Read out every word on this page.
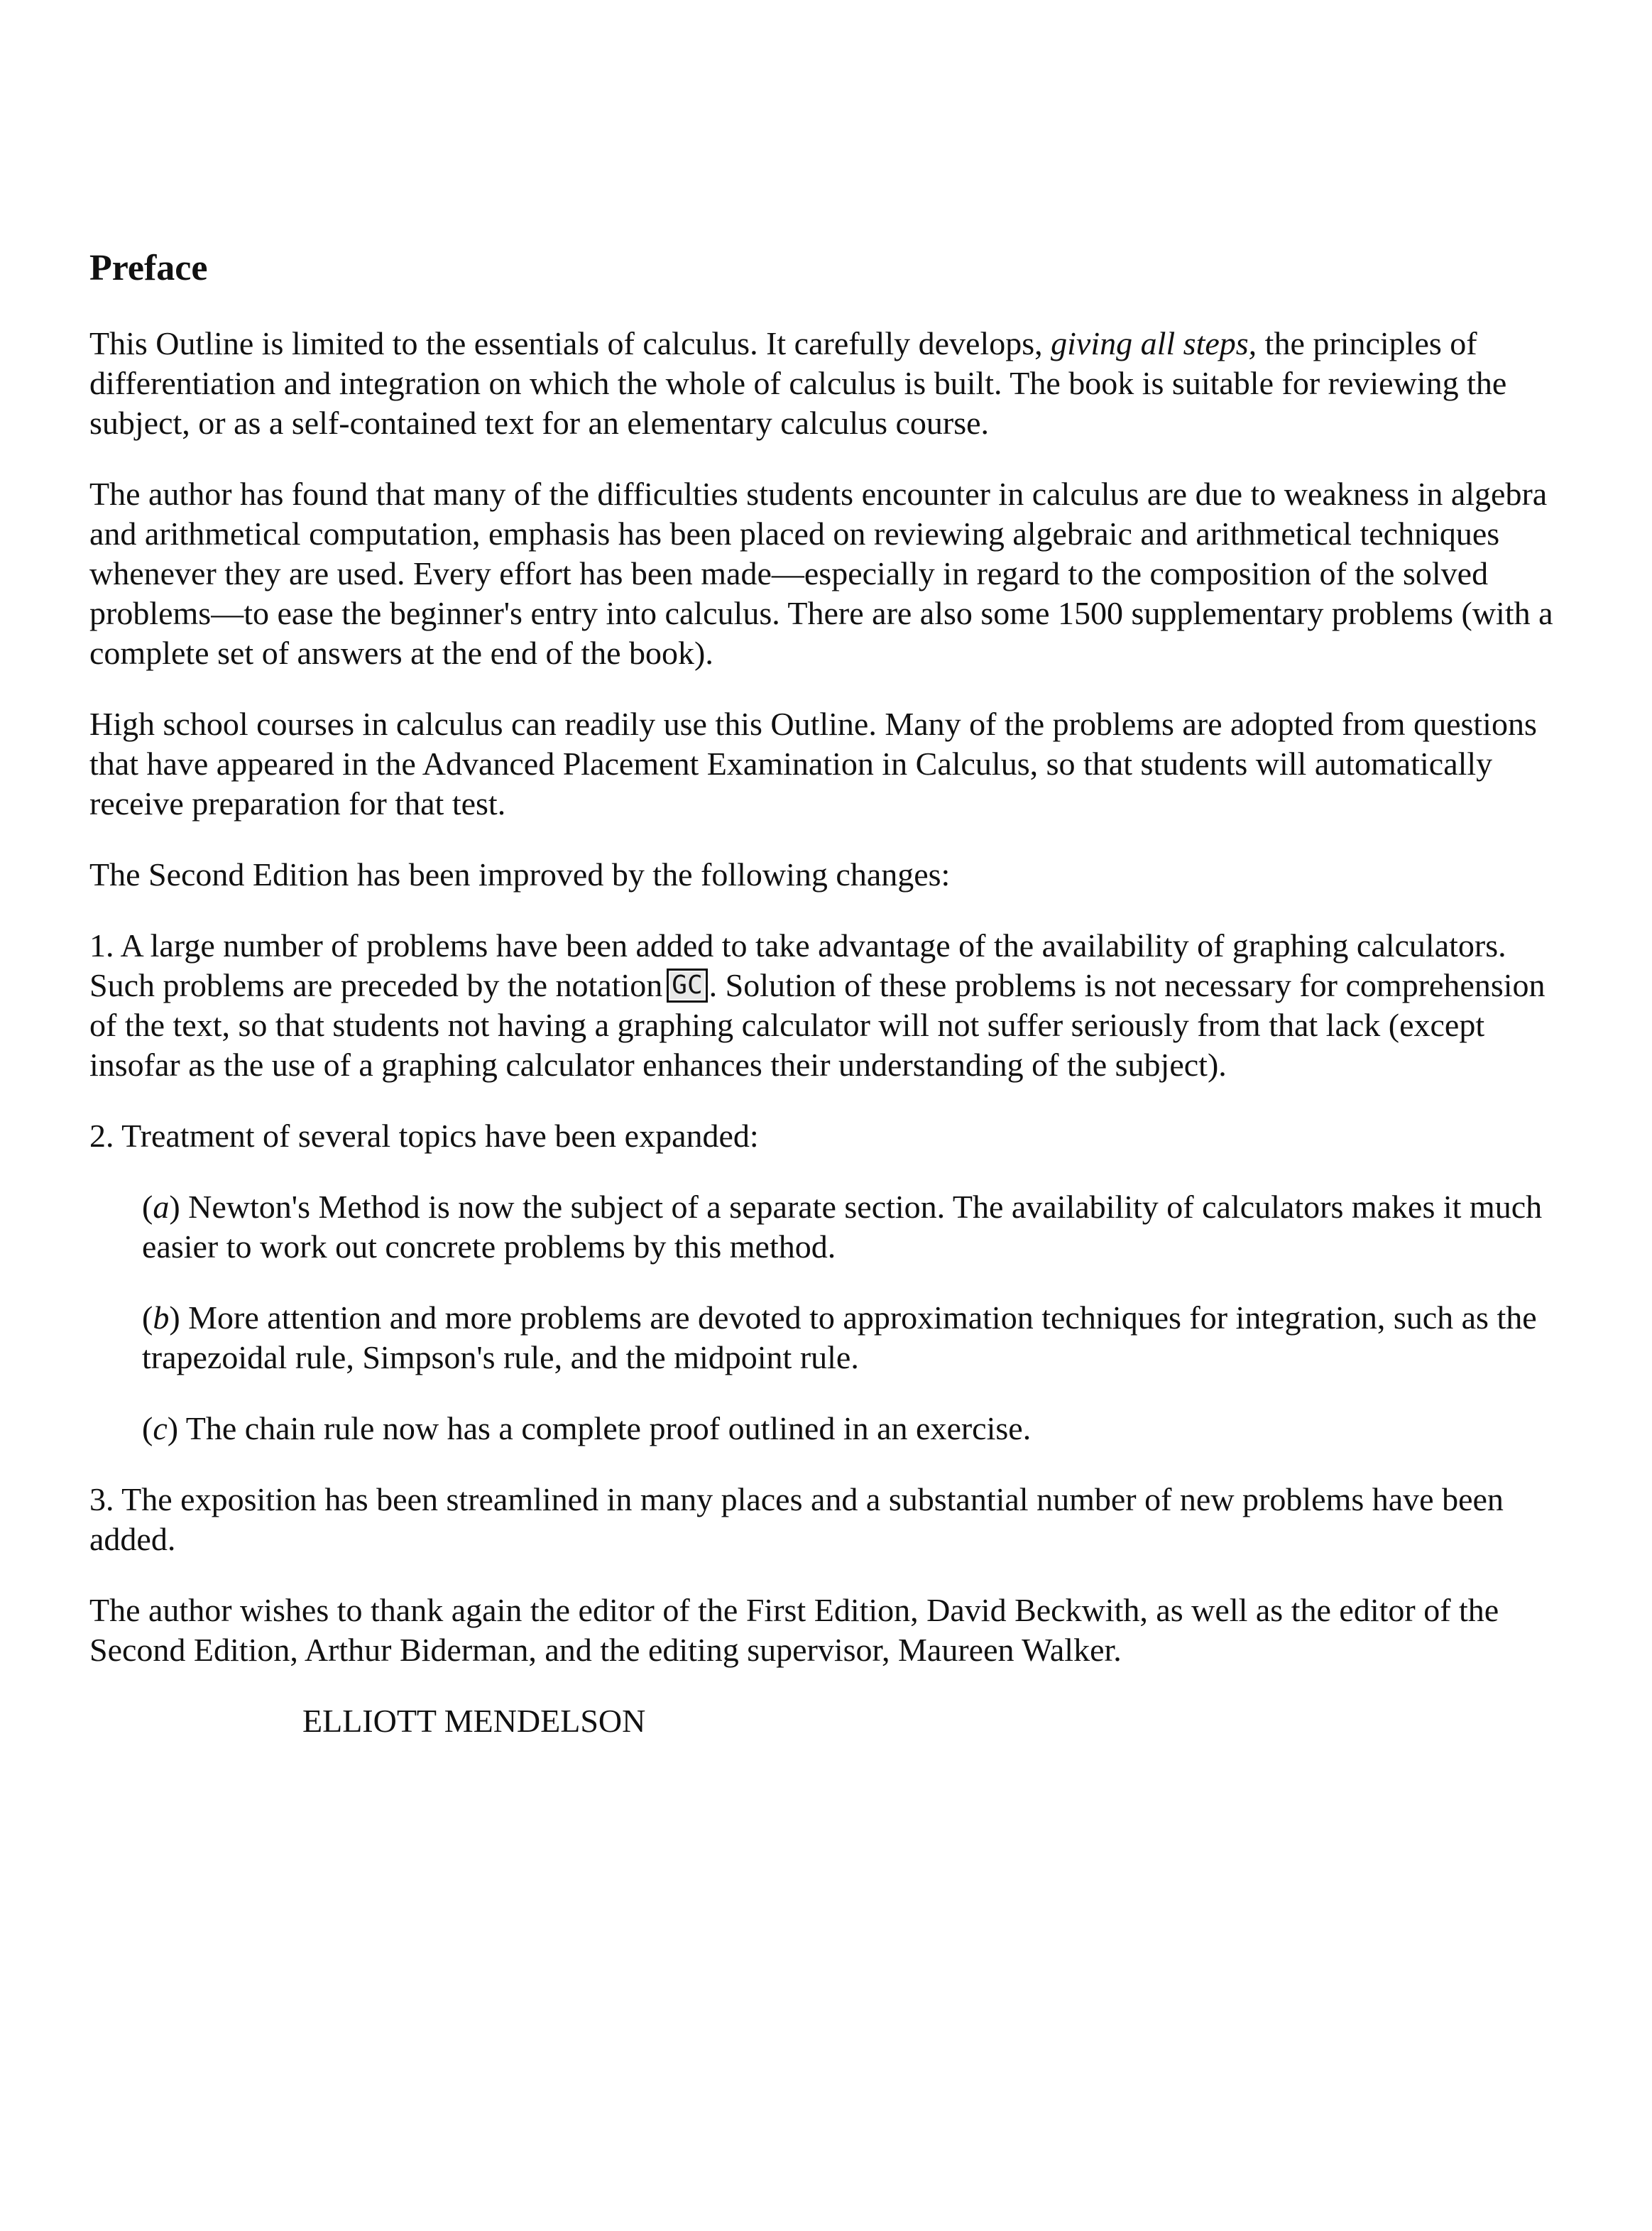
Preface

This Outline is limited to the essentials of calculus. It carefully develops, giving all steps, the principles of differentiation and integration on which the whole of calculus is built. The book is suitable for reviewing the subject, or as a self-contained text for an elementary calculus course.

The author has found that many of the difficulties students encounter in calculus are due to weakness in algebra and arithmetical computation, emphasis has been placed on reviewing algebraic and arithmetical techniques whenever they are used. Every effort has been made—especially in regard to the composition of the solved problems—to ease the beginner's entry into calculus. There are also some 1500 supplementary problems (with a complete set of answers at the end of the book).

High school courses in calculus can readily use this Outline. Many of the problems are adopted from questions that have appeared in the Advanced Placement Examination in Calculus, so that students will automatically receive preparation for that test.

The Second Edition has been improved by the following changes:

1. A large number of problems have been added to take advantage of the availability of graphing calculators. Such problems are preceded by the notation GC . Solution of these problems is not necessary for comprehension of the text, so that students not having a graphing calculator will not suffer seriously from that lack (except insofar as the use of a graphing calculator enhances their understanding of the subject).

2. Treatment of several topics have been expanded:

(a) Newton's Method is now the subject of a separate section. The availability of calculators makes it much easier to work out concrete problems by this method.

(b) More attention and more problems are devoted to approximation techniques for integration, such as the trapezoidal rule, Simpson's rule, and the midpoint rule.

(c) The chain rule now has a complete proof outlined in an exercise.

3. The exposition has been streamlined in many places and a substantial number of new problems have been added.

The author wishes to thank again the editor of the First Edition, David Beckwith, as well as the editor of the Second Edition, Arthur Biderman, and the editing supervisor, Maureen Walker.

ELLIOTT MENDELSON
